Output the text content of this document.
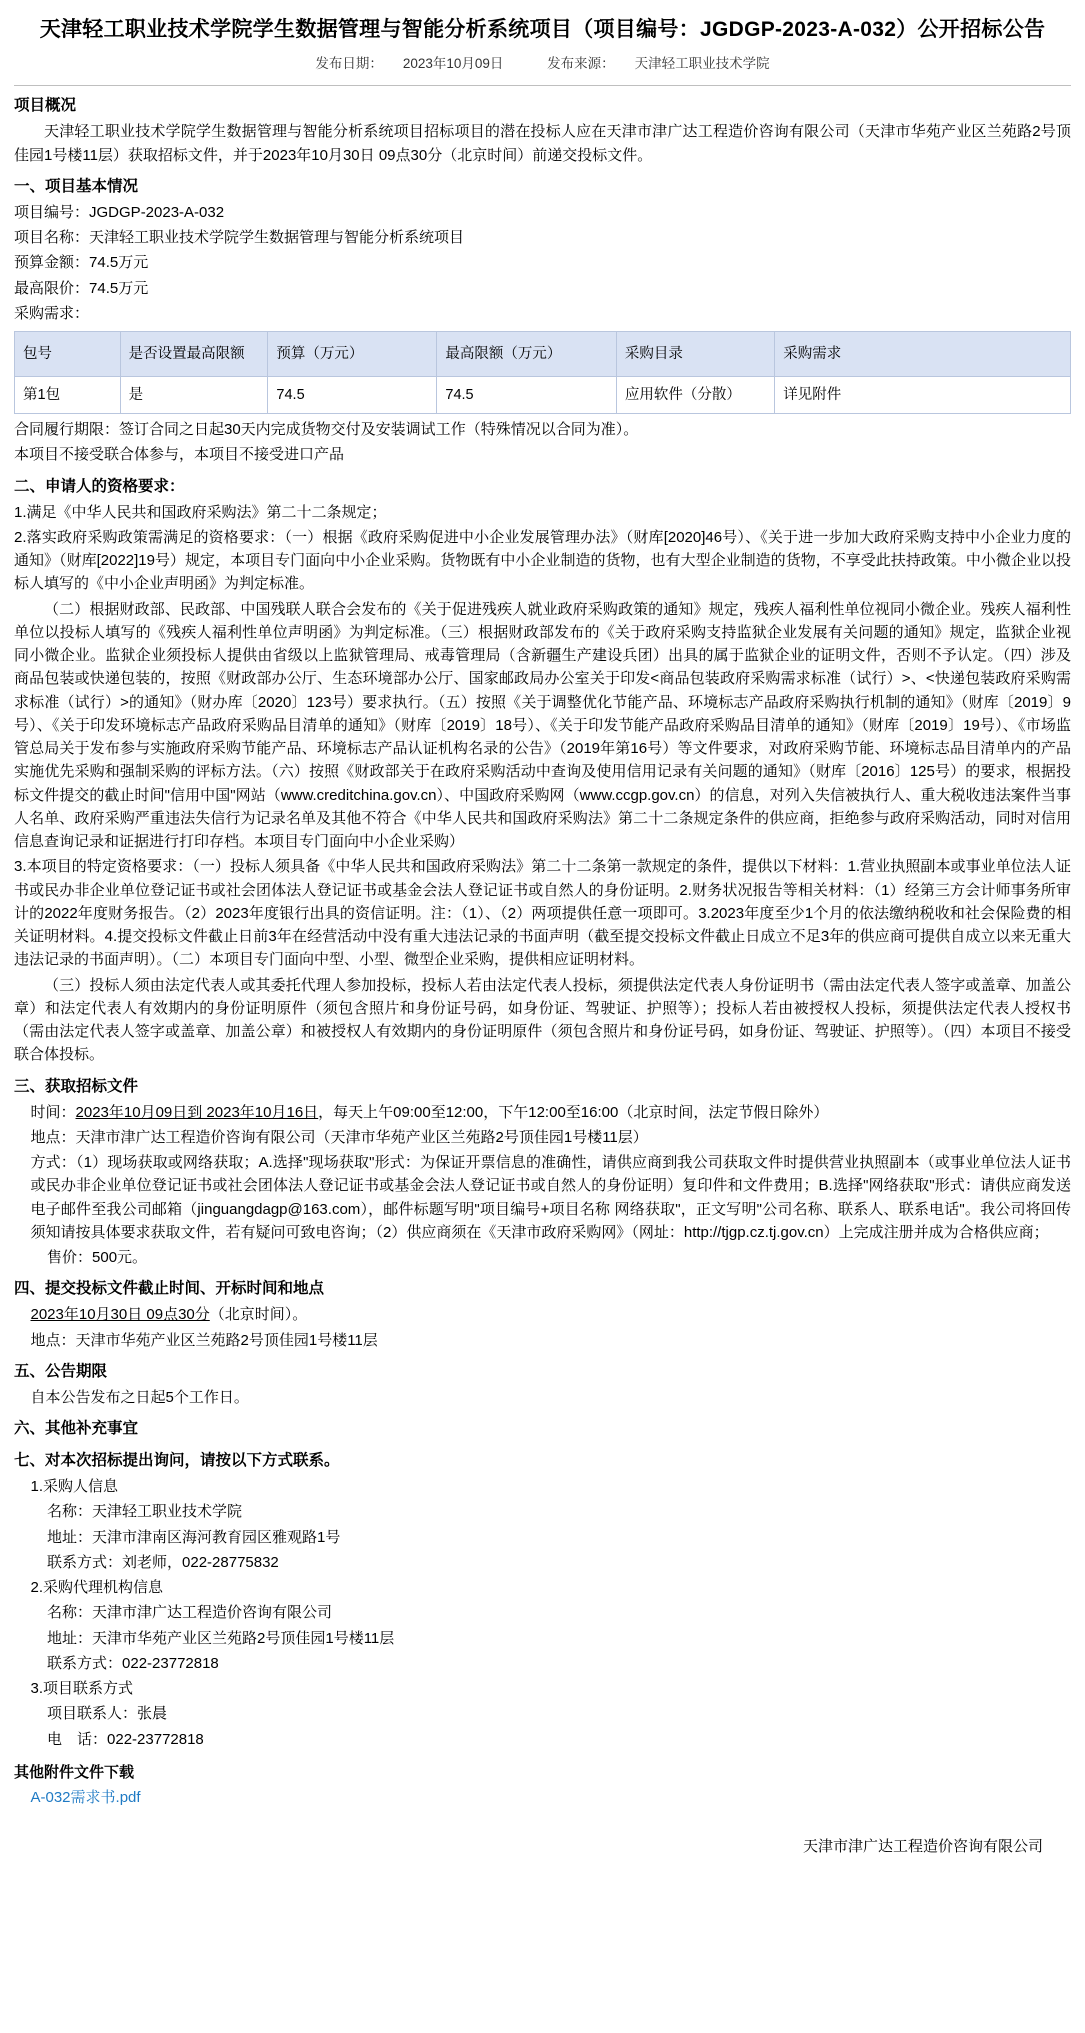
天津轻工职业技术学院学生数据管理与智能分析系统项目（项目编号：JGDGP-2023-A-032）公开招标公告
发布日期： 2023年10月09日	发布来源： 天津轻工职业技术学院
项目概况
天津轻工职业技术学院学生数据管理与智能分析系统项目招标项目的潜在投标人应在天津市津广达工程造价咨询有限公司（天津市华苑产业区兰苑路2号顶佳园1号楼11层）获取招标文件，并于2023年10月30日 09点30分（北京时间）前递交投标文件。
一、项目基本情况
项目编号：JGDGP-2023-A-032
项目名称：天津轻工职业技术学院学生数据管理与智能分析系统项目
预算金额：74.5万元
最高限价：74.5万元
采购需求：
包号	是否设置最高限额	预算（万元）	最高限额（万元）	采购目录	采购需求
第1包	是	74.5	74.5	应用软件（分散）	详见附件
合同履行期限：签订合同之日起30天内完成货物交付及安装调试工作（特殊情况以合同为准）。
本项目不接受联合体参与，本项目不接受进口产品
二、申请人的资格要求：
1.满足《中华人民共和国政府采购法》第二十二条规定；
2.落实政府采购政策需满足的资格要求：（一）根据《政府采购促进中小企业发展管理办法》（财库[2020]46号）、《关于进一步加大政府采购支持中小企业力度的通知》（财库[2022]19号）规定，本项目专门面向中小企业采购。货物既有中小企业制造的货物，也有大型企业制造的货物，不享受此扶持政策。中小微企业以投标人填写的《中小企业声明函》为判定标准。
（二）根据财政部、民政部、中国残联人联合会发布的《关于促进残疾人就业政府采购政策的通知》规定，残疾人福利性单位视同小微企业。残疾人福利性单位以投标人填写的《残疾人福利性单位声明函》为判定标准。（三）根据财政部发布的《关于政府采购支持监狱企业发展有关问题的通知》规定，监狱企业视同小微企业。监狱企业须投标人提供由省级以上监狱管理局、戒毒管理局（含新疆生产建设兵团）出具的属于监狱企业的证明文件，否则不予认定。（四）涉及商品包装或快递包装的，按照《财政部办公厅、生态环境部办公厅、国家邮政局办公室关于印发<商品包装政府采购需求标准（试行）>、<快递包装政府采购需求标准（试行）>的通知》（财办库〔2020〕123号）要求执行。（五）按照《关于调整优化节能产品、环境标志产品政府采购执行机制的通知》（财库〔2019〕9号）、《关于印发环境标志产品政府采购品目清单的通知》（财库〔2019〕18号）、《关于印发节能产品政府采购品目清单的通知》（财库〔2019〕19号）、《市场监管总局关于发布参与实施政府采购节能产品、环境标志产品认证机构名录的公告》（2019年第16号）等文件要求，对政府采购节能、环境标志品目清单内的产品实施优先采购和强制采购的评标方法。（六）按照《财政部关于在政府采购活动中查询及使用信用记录有关问题的通知》（财库〔2016〕125号）的要求，根据投标文件提交的截止时间"信用中国"网站（www.creditchina.gov.cn）、中国政府采购网（www.ccgp.gov.cn）的信息，对列入失信被执行人、重大税收违法案件当事人名单、政府采购严重违法失信行为记录名单及其他不符合《中华人民共和国政府采购法》第二十二条规定条件的供应商，拒绝参与政府采购活动，同时对信用信息查询记录和证据进行打印存档。本项目专门面向中小企业采购）
3.本项目的特定资格要求：（一）投标人须具备《中华人民共和国政府采购法》第二十二条第一款规定的条件，提供以下材料：1.营业执照副本或事业单位法人证书或民办非企业单位登记证书或社会团体法人登记证书或基金会法人登记证书或自然人的身份证明。2.财务状况报告等相关材料：（1）经第三方会计师事务所审计的2022年度财务报告。（2）2023年度银行出具的资信证明。注：（1）、（2）两项提供任意一项即可。3.2023年度至少1个月的依法缴纳税收和社会保险费的相关证明材料。4.提交投标文件截止日前3年在经营活动中没有重大违法记录的书面声明（截至提交投标文件截止日成立不足3年的供应商可提供自成立以来无重大违法记录的书面声明）。（二）本项目专门面向中型、小型、微型企业采购，提供相应证明材料。
（三）投标人须由法定代表人或其委托代理人参加投标，投标人若由法定代表人投标，须提供法定代表人身份证明书（需由法定代表人签字或盖章、加盖公章）和法定代表人有效期内的身份证明原件（须包含照片和身份证号码，如身份证、驾驶证、护照等）；投标人若由被授权人投标，须提供法定代表人授权书（需由法定代表人签字或盖章、加盖公章）和被授权人有效期内的身份证明原件（须包含照片和身份证号码，如身份证、驾驶证、护照等）。（四）本项目不接受联合体投标。
三、获取招标文件
时间：2023年10月09日到 2023年10月16日，每天上午09:00至12:00，下午12:00至16:00（北京时间，法定节假日除外）
地点：天津市津广达工程造价咨询有限公司（天津市华苑产业区兰苑路2号顶佳园1号楼11层）
方式：（1）现场获取或网络获取；A.选择"现场获取"形式：为保证开票信息的准确性，请供应商到我公司获取文件时提供营业执照副本（或事业单位法人证书或民办非企业单位登记证书或社会团体法人登记证书或基金会法人登记证书或自然人的身份证明）复印件和文件费用；B.选择"网络获取"形式：请供应商发送电子邮件至我公司邮箱（jinguangdagp@163.com），邮件标题写明"项目编号+项目名称 网络获取"，正文写明"公司名称、联系人、联系电话"。我公司将回传须知请按具体要求获取文件，若有疑问可致电咨询；（2）供应商须在《天津市政府采购网》（网址：http://tjgp.cz.tj.gov.cn）上完成注册并成为合格供应商；
售价：500元。
四、提交投标文件截止时间、开标时间和地点
2023年10月30日 09点30分（北京时间）。
地点：天津市华苑产业区兰苑路2号顶佳园1号楼11层
五、公告期限
自本公告发布之日起5个工作日。
六、其他补充事宜
七、对本次招标提出询问，请按以下方式联系。
1.采购人信息
名称：天津轻工职业技术学院
地址：天津市津南区海河教育园区雅观路1号
联系方式：刘老师，022-28775832
2.采购代理机构信息
名称：天津市津广达工程造价咨询有限公司
地址：天津市华苑产业区兰苑路2号顶佳园1号楼11层
联系方式：022-23772818
3.项目联系方式
项目联系人：张晨
电　话：022-23772818
其他附件文件下载
A-032需求书.pdf
天津市津广达工程造价咨询有限公司
